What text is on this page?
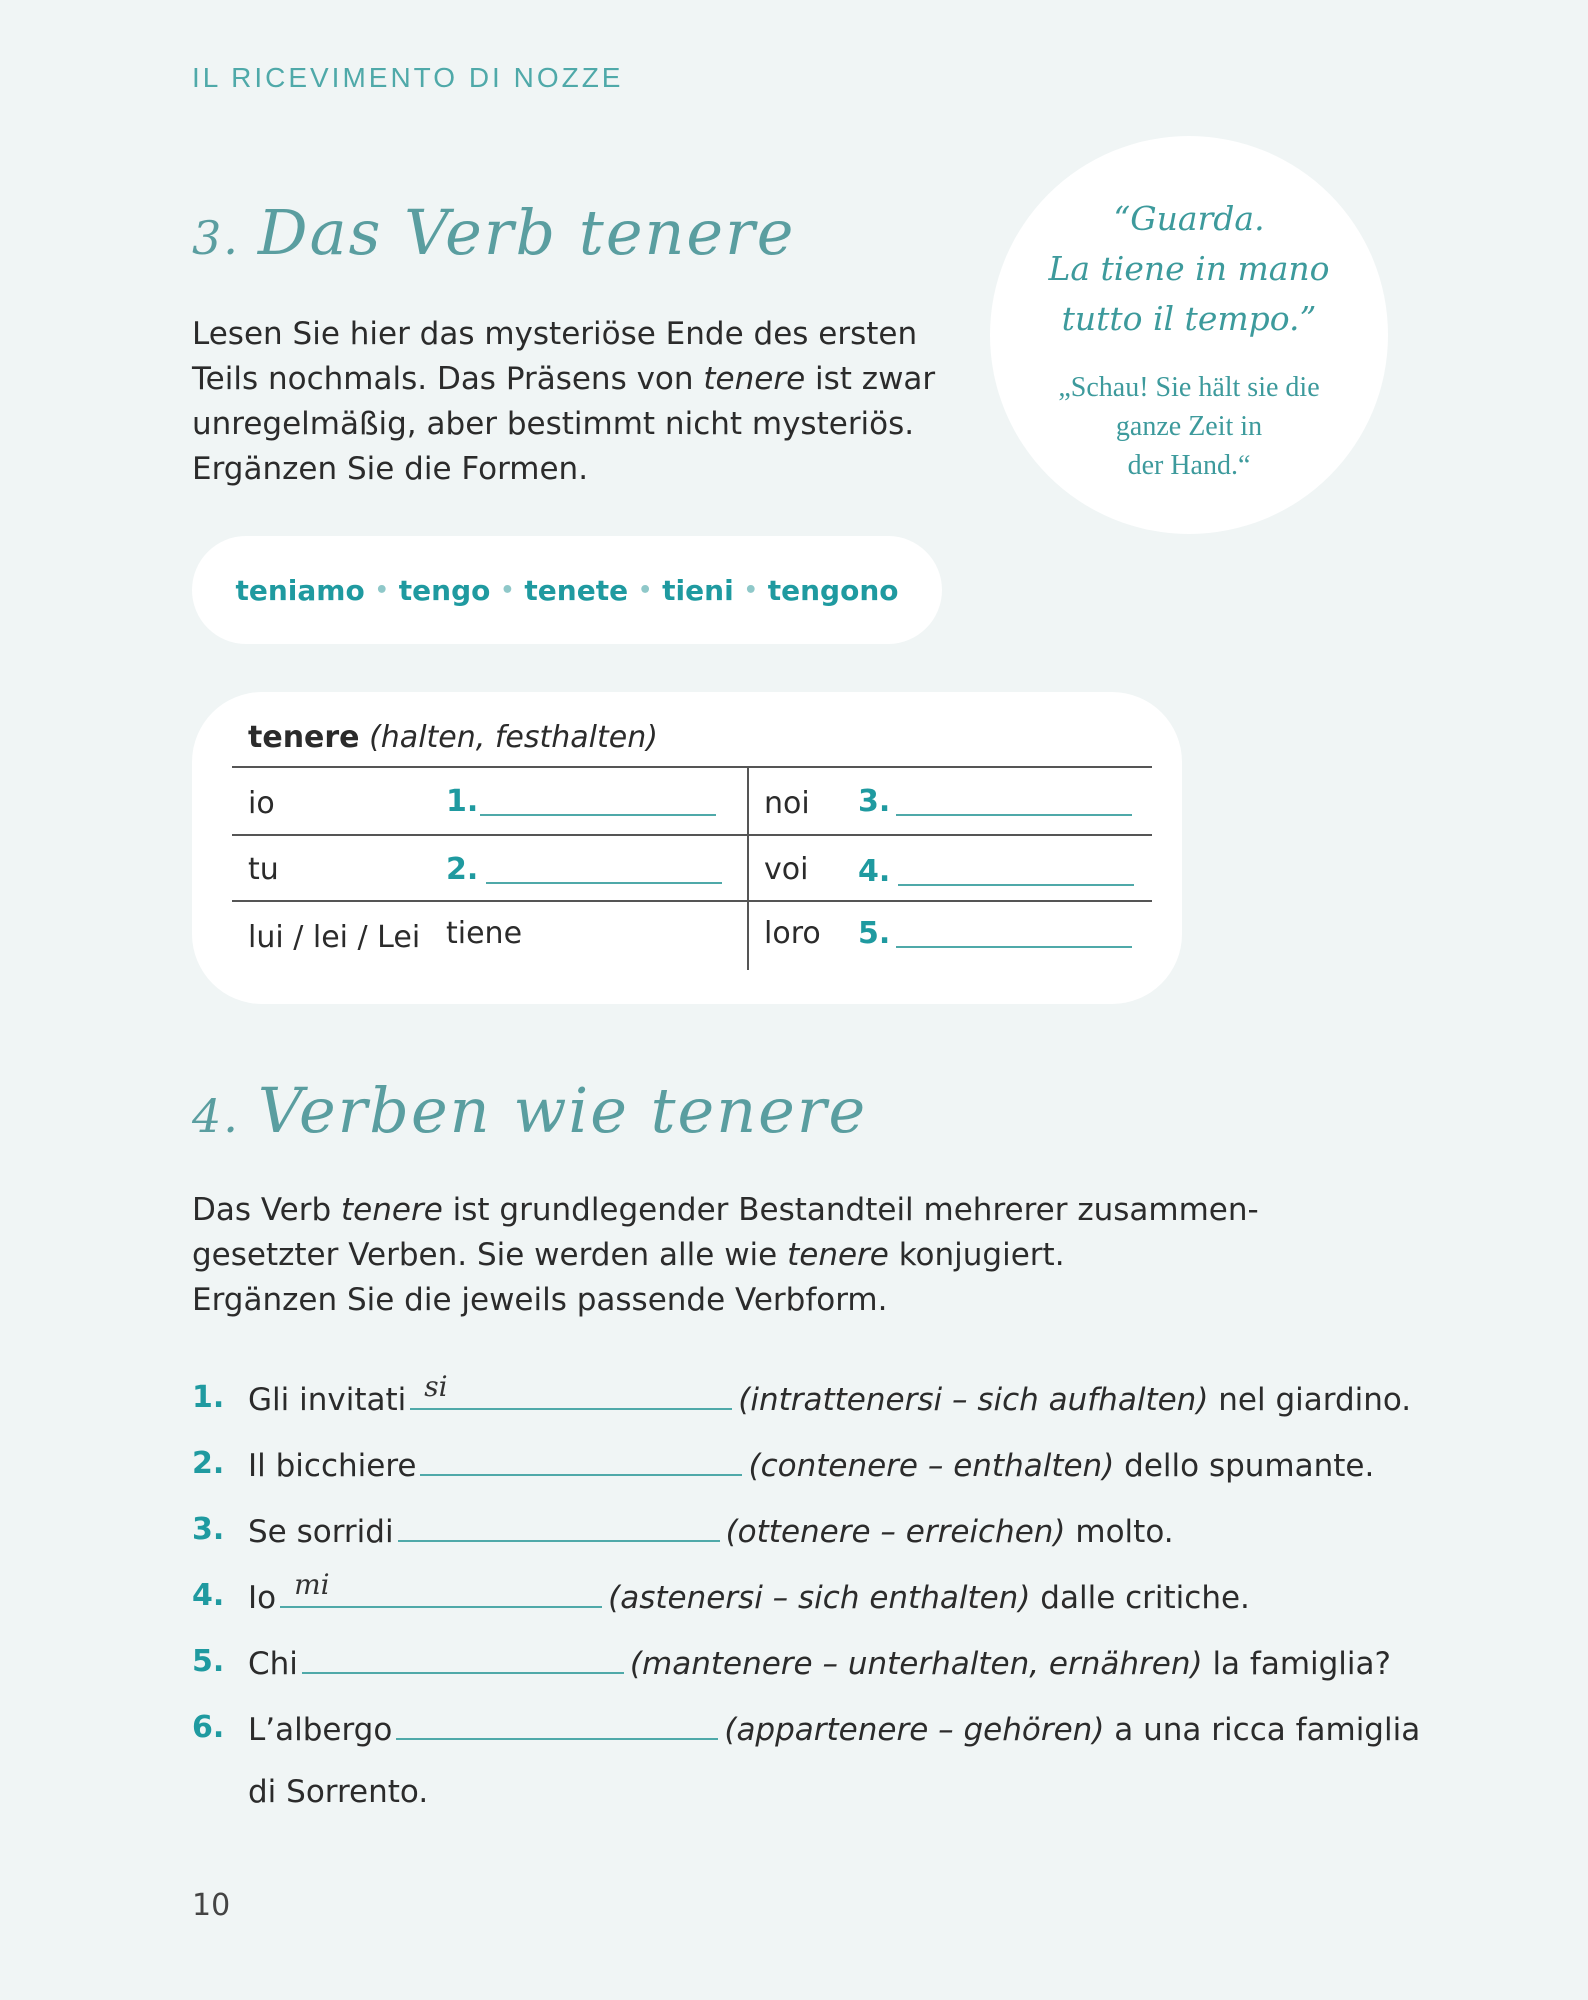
IL RICEVIMENTO DI NOZZE
3. Das Verb tenere
Lesen Sie hier das mysteriöse Ende des ersten
Teils nochmals. Das Präsens von tenere ist zwar
unregelmäßig, aber bestimmt nicht mysteriös.
Ergänzen Sie die Formen.
“Guarda.
La tiene in mano
tutto il tempo.”
„Schau! Sie hält sie die
ganze Zeit in
der Hand.“
teniamo • tengo • tenete • tieni • tengono
tenere (halten, festhalten)
io	1.	noi 3.
tu	2.	voi 4.
lui / lei / Lei tiene	loro 5.
4. Verben wie tenere
Das Verb tenere ist grundlegender Bestandteil mehrerer zusammen-
gesetzter Verben. Sie werden alle wie tenere konjugiert.
Ergänzen Sie die jeweils passende Verbform.
1. Gli invitati si	(intrattenersi – sich aufhalten) nel giardino.
2. Il bicchiere	(contenere – enthalten) dello spumante.
3. Se sorridi	(ottenere – erreichen) molto.
4. Io mi	(astenersi – sich enthalten) dalle critiche.
5. Chi	(mantenere – unterhalten, ernähren) la famiglia?
6. L’albergo	(appartenere – gehören) a una ricca famiglia
di Sorrento.
10
